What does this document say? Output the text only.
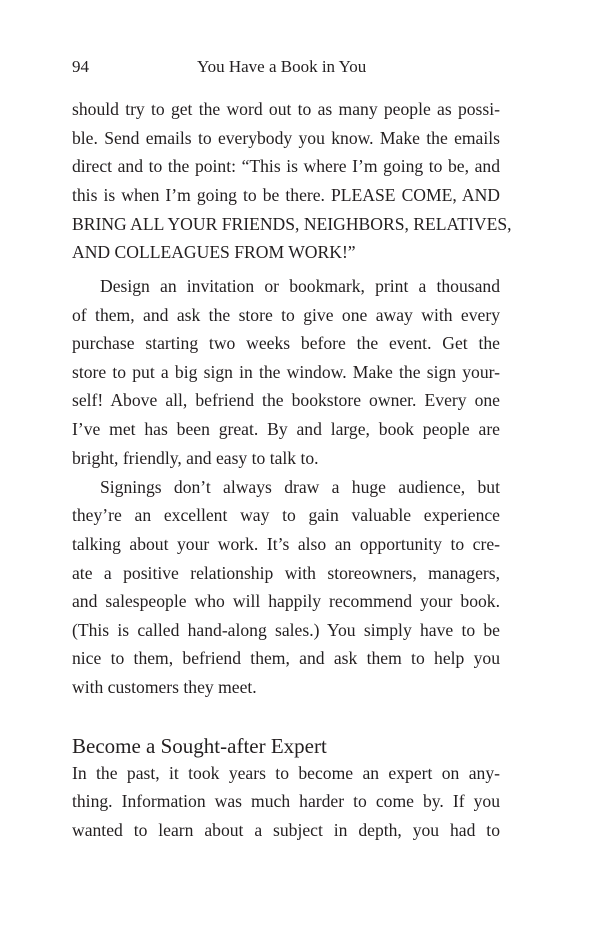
94	You Have a Book in You
should try to get the word out to as many people as possi-
ble. Send emails to everybody you know. Make the emails
direct and to the point: “This is where I’m going to be, and
this is when I’m going to be there. PLEASE COME, AND
BRING ALL YOUR FRIENDS, NEIGHBORS, RELATIVES,
AND COLLEAGUES FROM WORK!”
Design an invitation or bookmark, print a thousand
of them, and ask the store to give one away with every
purchase starting two weeks before the event. Get the
store to put a big sign in the window. Make the sign your-
self! Above all, befriend the bookstore owner. Every one
I’ve met has been great. By and large, book people are
bright, friendly, and easy to talk to.
Signings don’t always draw a huge audience, but
they’re an excellent way to gain valuable experience
talking about your work. It’s also an opportunity to cre-
ate a positive relationship with storeowners, managers,
and salespeople who will happily recommend your book.
(This is called hand-along sales.) You simply have to be
nice to them, befriend them, and ask them to help you
with customers they meet.
Become a Sought-after Expert
In the past, it took years to become an expert on any-
thing. Information was much harder to come by. If you
wanted to learn about a subject in depth, you had to
